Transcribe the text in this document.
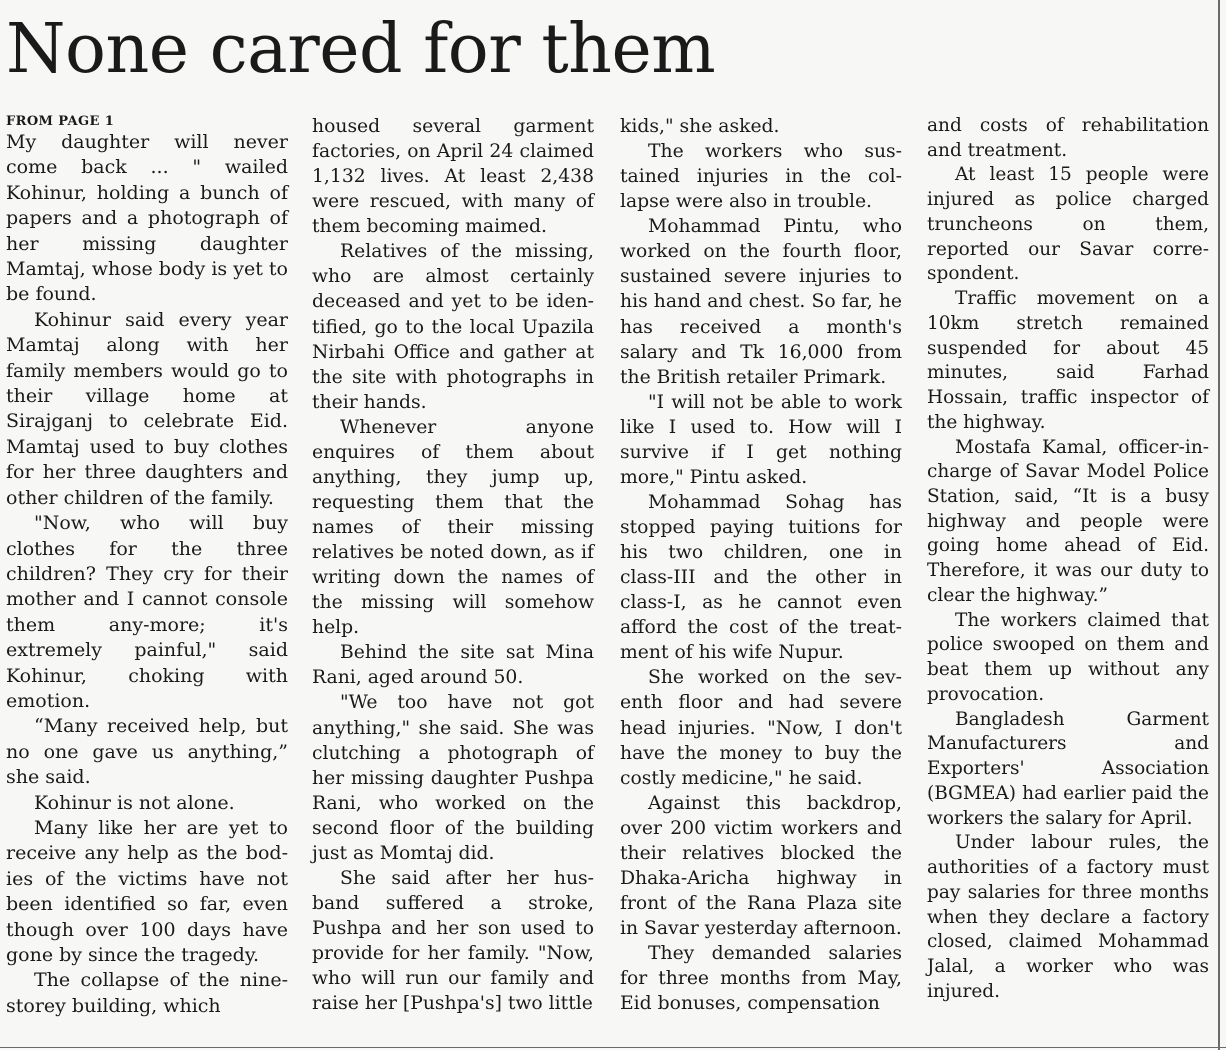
None cared for them
FROM PAGE 1

My daughter will never come back ... " wailed Kohinur, holding a bunch of papers and a photograph of her missing daughter Mamtaj, whose body is yet to be found.

Kohinur said every year Mamtaj along with her family members would go to their village home at Sirajganj to celebrate Eid. Mamtaj used to buy clothes for her three daughters and other children of the family.

"Now, who will buy clothes for the three children? They cry for their mother and I cannot console them any-more; it's extremely painful," said Kohinur, choking with emotion.

“Many received help, but no one gave us anything,” she said.

Kohinur is not alone.

Many like her are yet to receive any help as the bod-ies of the victims have not been identified so far, even though over 100 days have gone by since the tragedy.

The collapse of the nine-storey building, which

housed several garment factories, on April 24 claimed 1,132 lives. At least 2,438 were rescued, with many of them becoming maimed.

Relatives of the missing, who are almost certainly deceased and yet to be iden-tified, go to the local Upazila Nirbahi Office and gather at the site with photographs in their hands.

Whenever anyone enquires of them about anything, they jump up, requesting them that the names of their missing relatives be noted down, as if writing down the names of the missing will somehow help.

Behind the site sat Mina Rani, aged around 50.

"We too have not got anything," she said. She was clutching a photograph of her missing daughter Pushpa Rani, who worked on the second floor of the building just as Momtaj did.

She said after her hus-band suffered a stroke, Pushpa and her son used to provide for her family. "Now, who will run our family and raise her [Pushpa's] two little

kids," she asked.

The workers who sus-tained injuries in the col-lapse were also in trouble.

Mohammad Pintu, who worked on the fourth floor, sustained severe injuries to his hand and chest. So far, he has received a month's salary and Tk 16,000 from the British retailer Primark.

"I will not be able to work like I used to. How will I survive if I get nothing more," Pintu asked.

Mohammad Sohag has stopped paying tuitions for his two children, one in class-III and the other in class-I, as he cannot even afford the cost of the treat-ment of his wife Nupur.

She worked on the sev-enth floor and had severe head injuries. "Now, I don't have the money to buy the costly medicine," he said.

Against this backdrop, over 200 victim workers and their relatives blocked the Dhaka-Aricha highway in front of the Rana Plaza site in Savar yesterday afternoon.

They demanded salaries for three months from May, Eid bonuses, compensation

and costs of rehabilitation and treatment.

At least 15 people were injured as police charged truncheons on them, reported our Savar corre-spondent.

Traffic movement on a 10km stretch remained suspended for about 45 minutes, said Farhad Hossain, traffic inspector of the highway.

Mostafa Kamal, officer-in-charge of Savar Model Police Station, said, “It is a busy highway and people were going home ahead of Eid. Therefore, it was our duty to clear the highway.”

The workers claimed that police swooped on them and beat them up without any provocation.

Bangladesh Garment Manufacturers and Exporters' Association (BGMEA) had earlier paid the workers the salary for April.

Under labour rules, the authorities of a factory must pay salaries for three months when they declare a factory closed, claimed Mohammad Jalal, a worker who was injured.
